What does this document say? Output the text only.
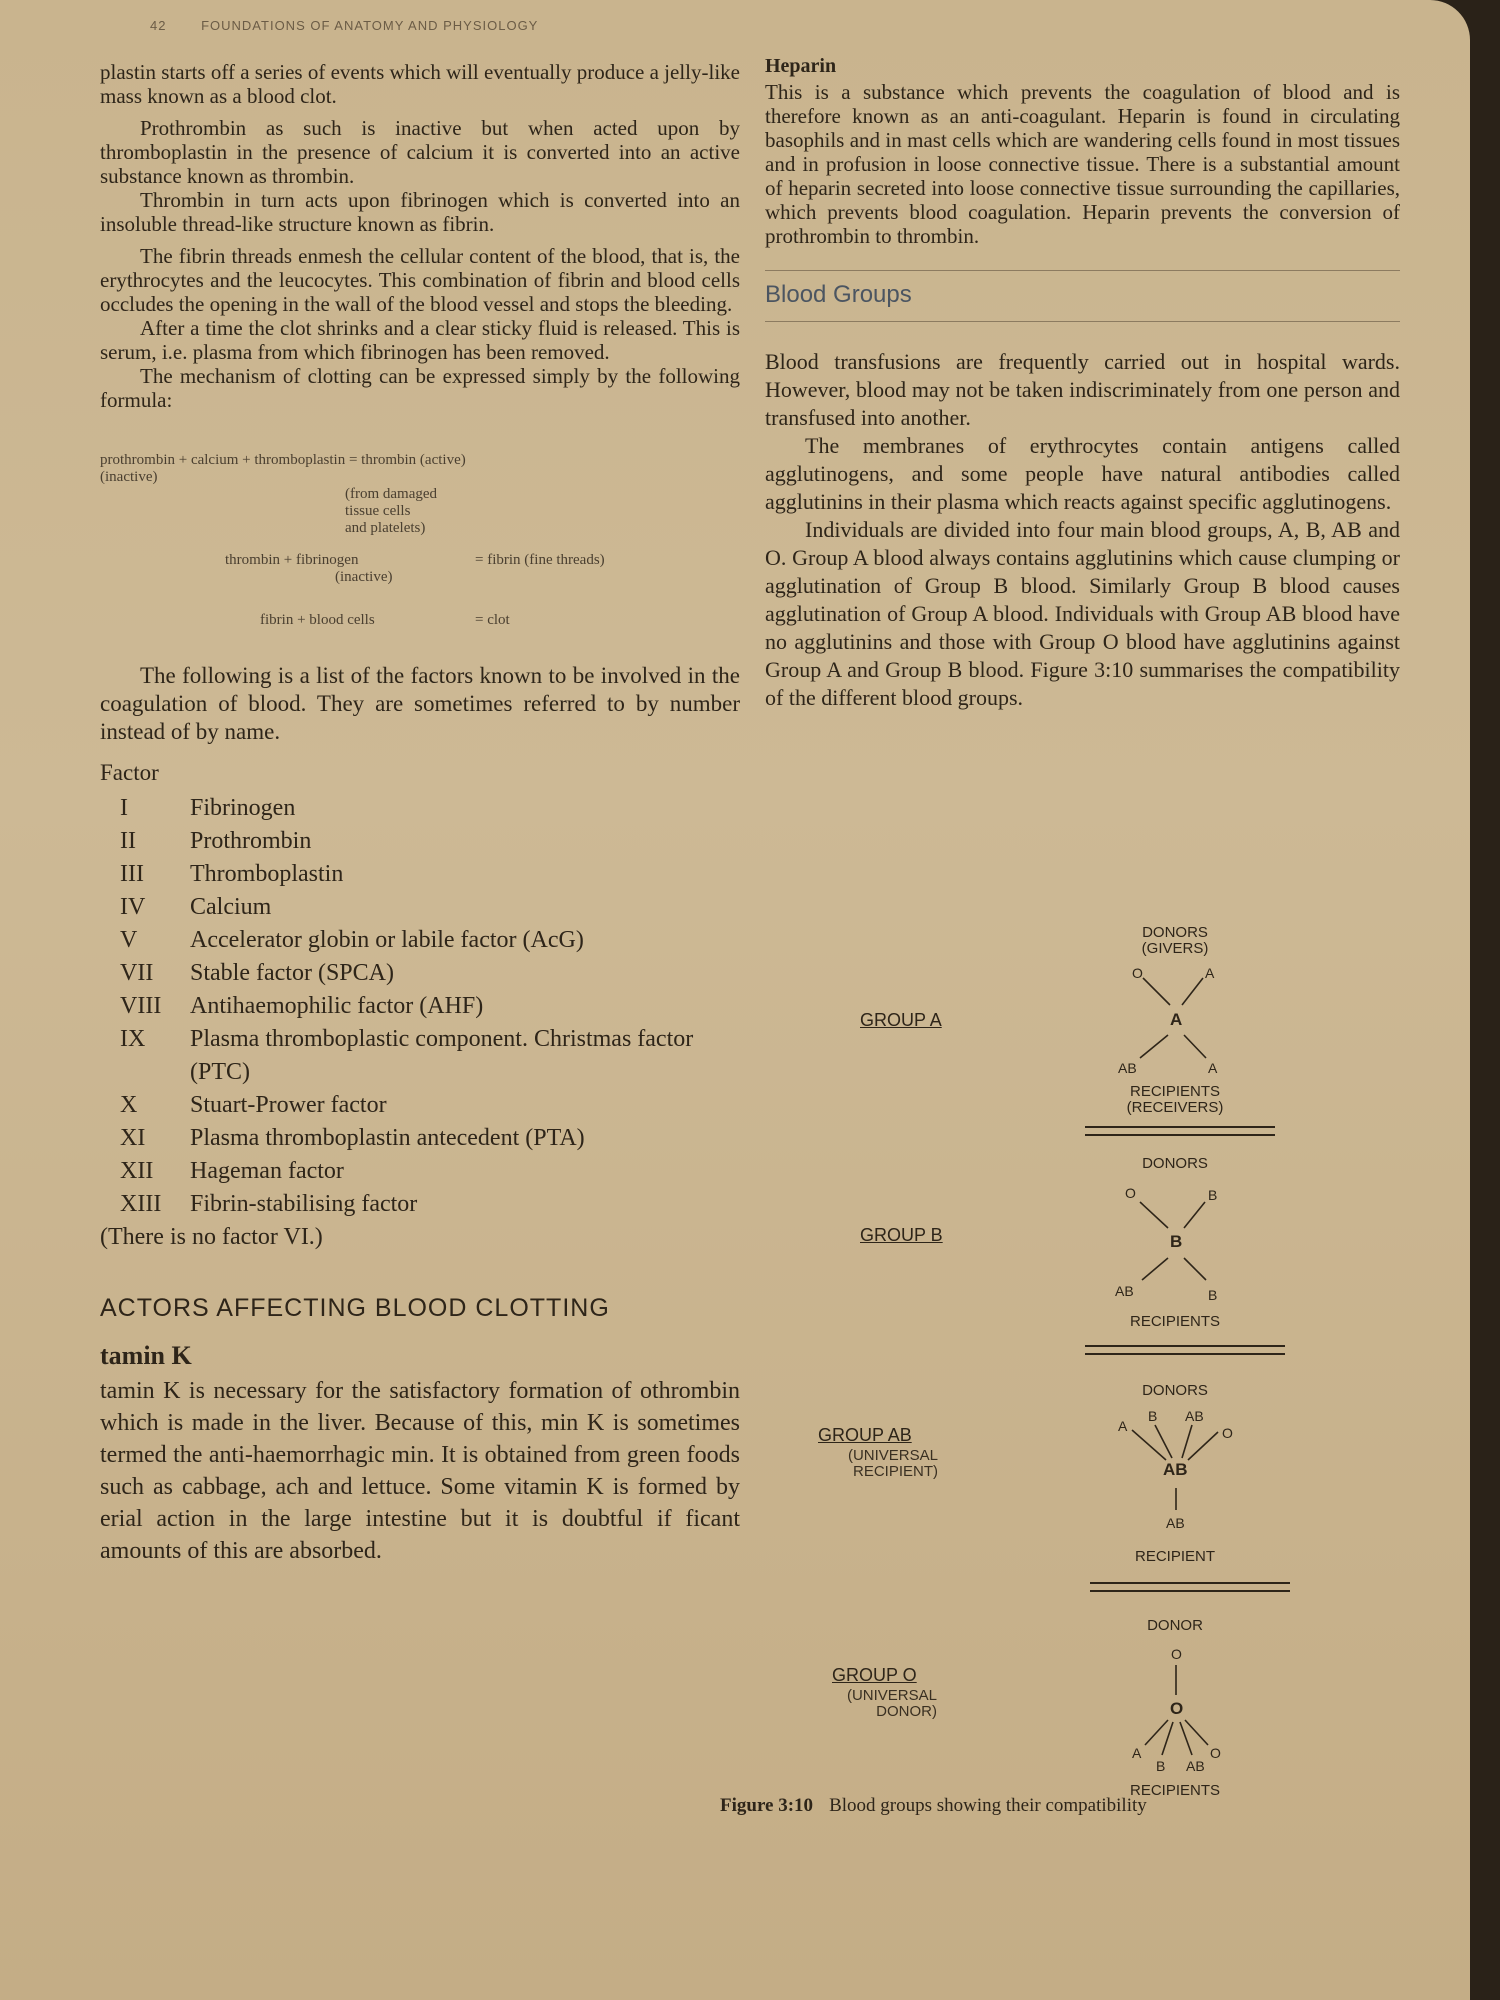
42	FOUNDATIONS OF ANATOMY AND PHYSIOLOGY

plastin starts off a series of events which will eventually produce a jelly-like mass known as a blood clot.

Prothrombin as such is inactive but when acted upon by thromboplastin in the presence of calcium it is converted into an active substance known as thrombin.

Thrombin in turn acts upon fibrinogen which is converted into an insoluble thread-like structure known as fibrin.

The fibrin threads enmesh the cellular content of the blood, that is, the erythrocytes and the leucocytes. This combination of fibrin and blood cells occludes the opening in the wall of the blood vessel and stops the bleeding.

After a time the clot shrinks and a clear sticky fluid is released. This is serum, i.e. plasma from which fibrinogen has been removed.

The mechanism of clotting can be expressed simply by the following formula:

prothrombin + calcium + thromboplastin = thrombin (active)
(inactive)
(from damaged
tissue cells
and platelets)
thrombin + fibrinogen
(inactive)
= fibrin (fine threads)
fibrin + blood cells	= clot

The following is a list of the factors known to be involved in the coagulation of blood. They are sometimes referred to by number instead of by name.

Factor
I	Fibrinogen
II	Prothrombin
III	Thromboplastin
IV	Calcium
V	Accelerator globin or labile factor (AcG)
VII	Stable factor (SPCA)
VIII	Antihaemophilic factor (AHF)
IX	Plasma thromboplastic component. Christmas factor (PTC)
X	Stuart-Prower factor
XI	Plasma thromboplastin antecedent (PTA)
XII	Hageman factor
XIII	Fibrin-stabilising factor
(There is no factor VI.)
ACTORS AFFECTING BLOOD CLOTTING
tamin K

tamin K is necessary for the satisfactory formation of othrombin which is made in the liver. Because of this, min K is sometimes termed the anti-haemorrhagic min. It is obtained from green foods such as cabbage, ach and lettuce. Some vitamin K is formed by erial action in the large intestine but it is doubtful if ficant amounts of this are absorbed.

Heparin

This is a substance which prevents the coagulation of blood and is therefore known as an anti-coagulant. Heparin is found in circulating basophils and in mast cells which are wandering cells found in most tissues and in profusion in loose connective tissue. There is a substantial amount of heparin secreted into loose connective tissue surrounding the capillaries, which prevents blood coagulation. Heparin prevents the conversion of prothrombin to thrombin.

Blood Groups

Blood transfusions are frequently carried out in hospital wards. However, blood may not be taken indiscriminately from one person and transfused into another.

The membranes of erythrocytes contain antigens called agglutinogens, and some people have natural antibodies called agglutinins in their plasma which reacts against specific agglutinogens.

Individuals are divided into four main blood groups, A, B, AB and O. Group A blood always contains agglutinins which cause clumping or agglutination of Group B blood. Similarly Group B blood causes agglutination of Group A blood. Individuals with Group AB blood have no agglutinins and those with Group O blood have agglutinins against Group A and Group B blood. Figure 3:10 summarises the compatibility of the different blood groups.

DONORS
(GIVERS)
O	A
GROUP A	A
AB	A
RECIPIENTS
(RECEIVERS)
DONORS
O	B
GROUP B	B
AB	B
RECIPIENTS
DONORS
A
B AB
O
GROUP AB
(UNIVERSAL
RECIPIENT)	AB
AB
RECIPIENT
DONOR
O
GROUP O
(UNIVERSAL
DONOR)	O
A
B AB
O
RECIPIENTS
Figure 3:10 Blood groups showing their compatibility
